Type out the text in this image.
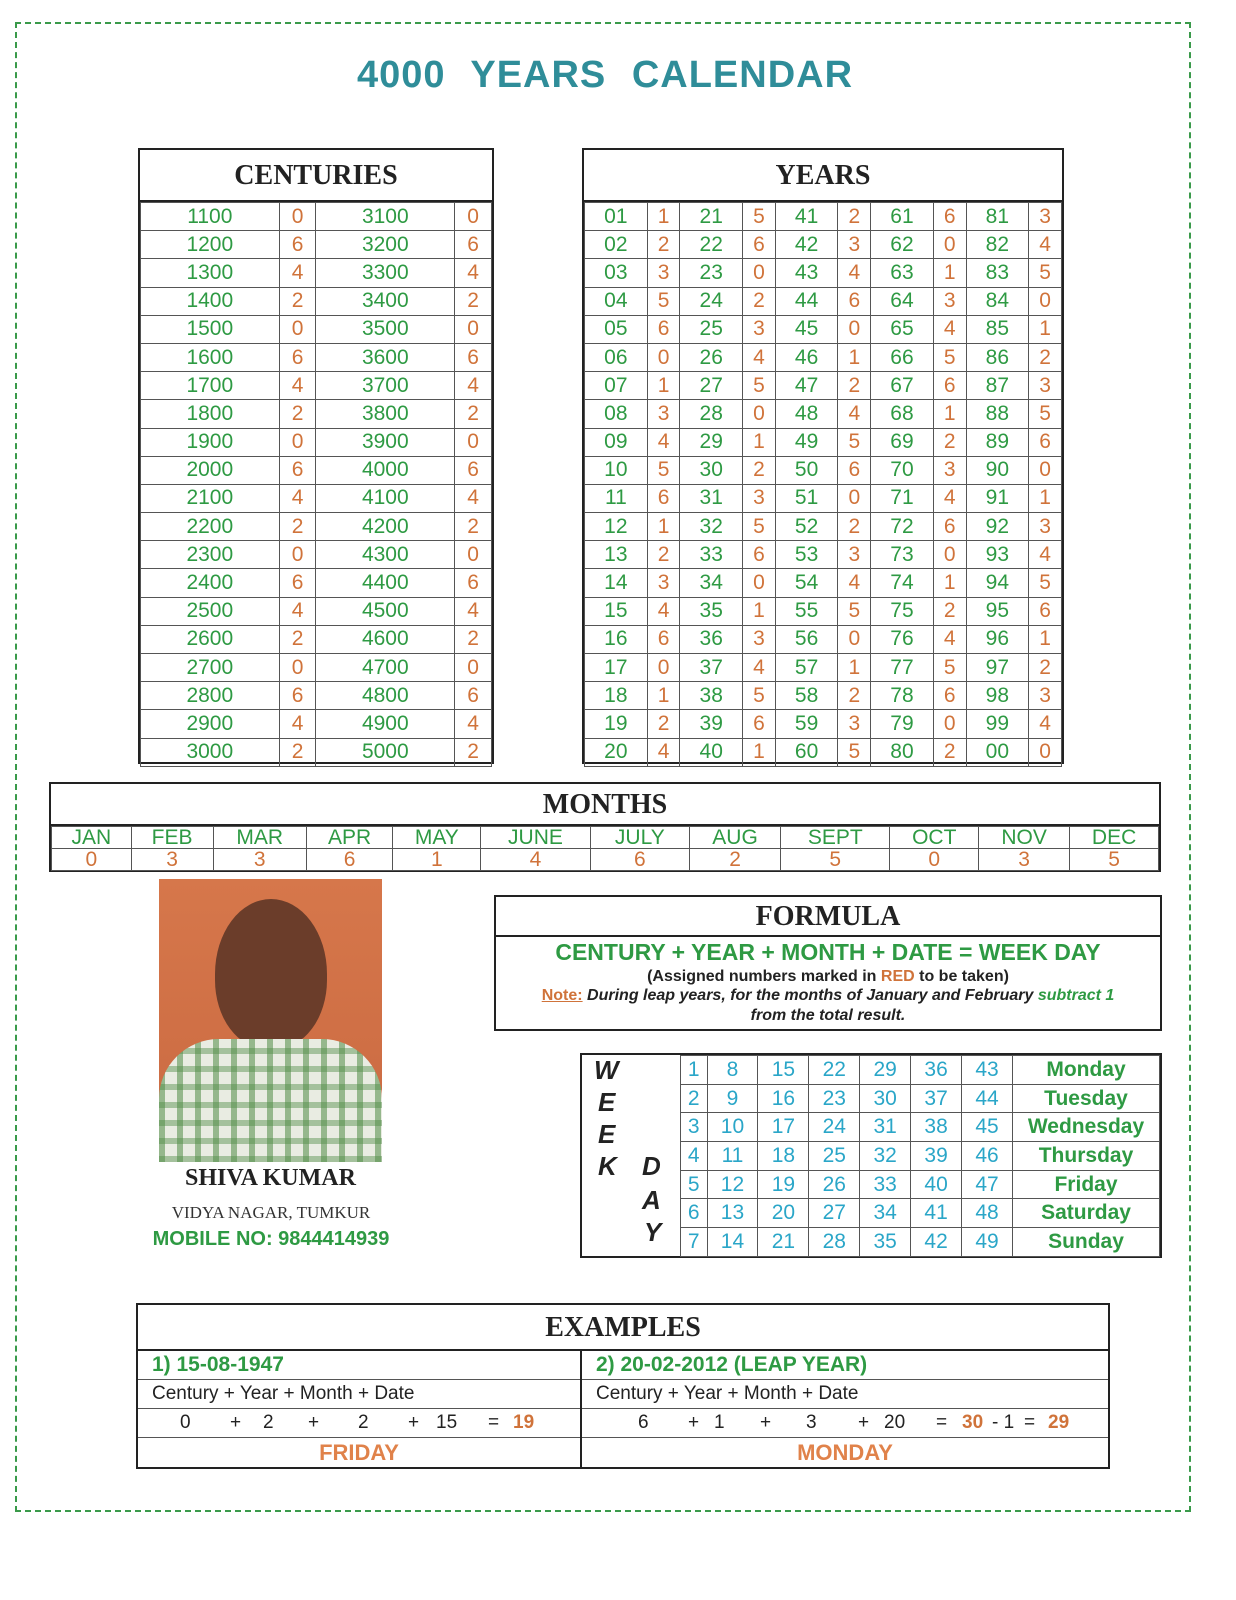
4000 YEARS CALENDAR
CENTURIES
1100	0	3100	0
1200	6	3200	6
1300	4	3300	4
1400	2	3400	2
1500	0	3500	0
1600	6	3600	6
1700	4	3700	4
1800	2	3800	2
1900	0	3900	0
2000	6	4000	6
2100	4	4100	4
2200	2	4200	2
2300	0	4300	0
2400	6	4400	6
2500	4	4500	4
2600	2	4600	2
2700	0	4700	0
2800	6	4800	6
2900	4	4900	4
3000	2	5000	2
YEARS
01	1	21	5	41	2	61	6	81	3
02	2	22	6	42	3	62	0	82	4
03	3	23	0	43	4	63	1	83	5
04	5	24	2	44	6	64	3	84	0
05	6	25	3	45	0	65	4	85	1
06	0	26	4	46	1	66	5	86	2
07	1	27	5	47	2	67	6	87	3
08	3	28	0	48	4	68	1	88	5
09	4	29	1	49	5	69	2	89	6
10	5	30	2	50	6	70	3	90	0
11	6	31	3	51	0	71	4	91	1
12	1	32	5	52	2	72	6	92	3
13	2	33	6	53	3	73	0	93	4
14	3	34	0	54	4	74	1	94	5
15	4	35	1	55	5	75	2	95	6
16	6	36	3	56	0	76	4	96	1
17	0	37	4	57	1	77	5	97	2
18	1	38	5	58	2	78	6	98	3
19	2	39	6	59	3	79	0	99	4
20	4	40	1	60	5	80	2	00	0
MONTHS
JAN	FEB	MAR	APR	MAY	JUNE	JULY	AUG	SEPT	OCT	NOV	DEC
0	3	3	6	1	4	6	2	5	0	3	5
SHIVA KUMAR
VIDYA NAGAR, TUMKUR
MOBILE NO: 9844414939
FORMULA
CENTURY + YEAR + MONTH + DATE = WEEK DAY
(Assigned numbers marked in RED to be taken)
Note: During leap years, for the months of January and February subtract 1
from the total result.
W
E
E
K D
A
Y
1	8	15	22	29	36	43	Monday
2	9	16	23	30	37	44	Tuesday
3	10	17	24	31	38	45	Wednesday
4	11	18	25	32	39	46	Thursday
5	12	19	26	33	40	47	Friday
6	13	20	27	34	41	48	Saturday
7	14	21	28	35	42	49	Sunday
EXAMPLES
1) 15-08-1947
Century + Year + Month + Date
0 + 2 + 2 + 15 = 19
FRIDAY
2) 20-02-2012 (LEAP YEAR)
Century + Year + Month + Date
6 + 1 + 3 + 20 = 30 - 1 = 29
MONDAY
